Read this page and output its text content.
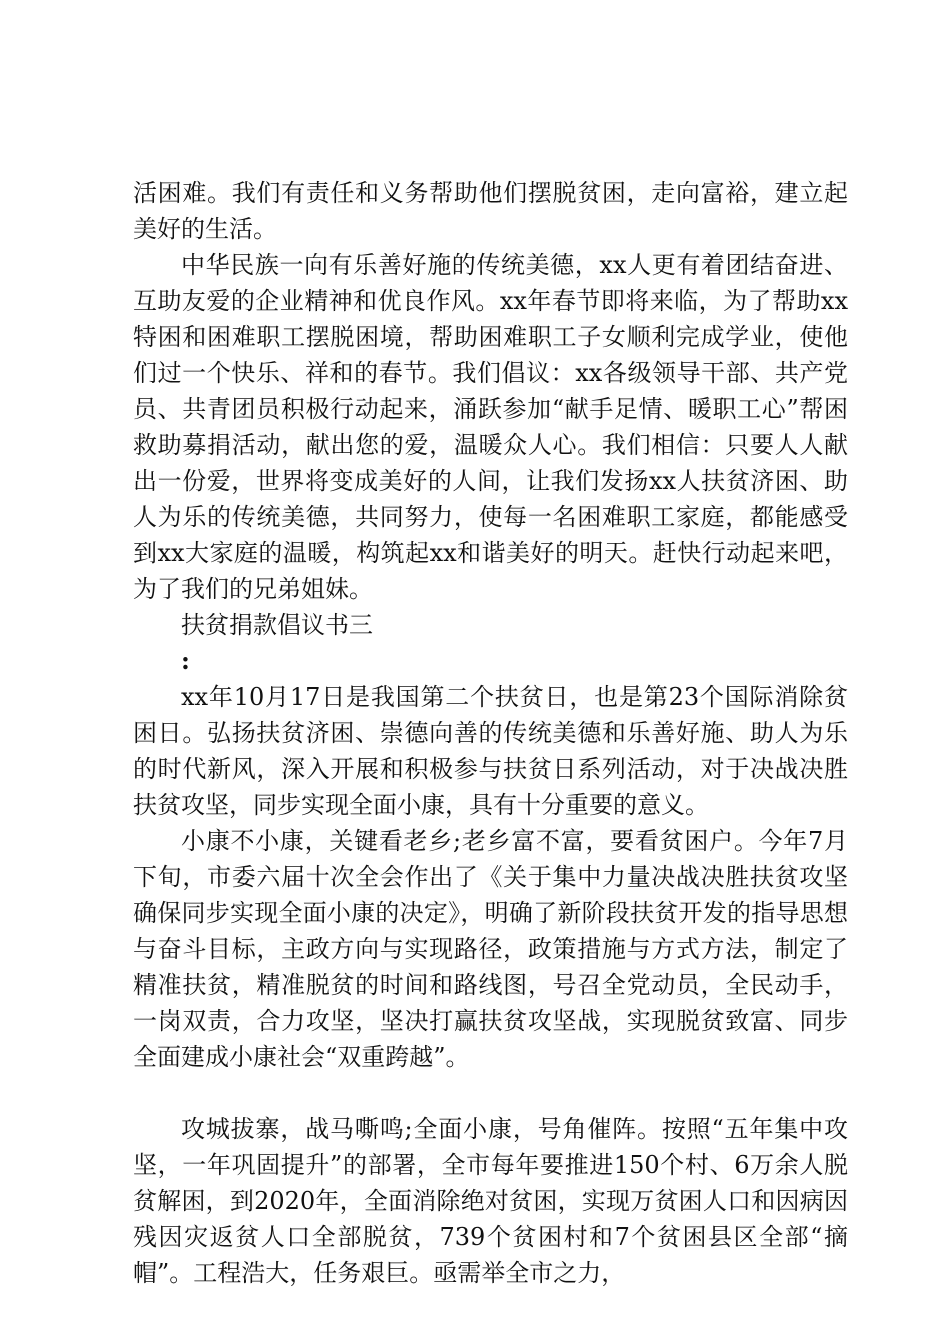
活困难。我们有责任和义务帮助他们摆脱贫困，走向富裕，建立起美好的生活。

中华民族一向有乐善好施的传统美德，xx人更有着团结奋进、互助友爱的企业精神和优良作风。xx年春节即将来临，为了帮助xx特困和困难职工摆脱困境，帮助困难职工子女顺利完成学业，使他们过一个快乐、祥和的春节。我们倡议：xx各级领导干部、共产党员、共青团员积极行动起来，涌跃参加“献手足情、暖职工心”帮困救助募捐活动，献出您的爱，温暖众人心。我们相信：只要人人献出一份爱，世界将变成美好的人间，让我们发扬xx人扶贫济困、助人为乐的传统美德，共同努力，使每一名困难职工家庭，都能感受到xx大家庭的温暖，构筑起xx和谐美好的明天。赶快行动起来吧，为了我们的兄弟姐妹。

扶贫捐款倡议书三

:

xx年10月17日是我国第二个扶贫日，也是第23个国际消除贫困日。弘扬扶贫济困、崇德向善的传统美德和乐善好施、助人为乐的时代新风，深入开展和积极参与扶贫日系列活动，对于决战决胜扶贫攻坚，同步实现全面小康，具有十分重要的意义。

小康不小康，关键看老乡;老乡富不富，要看贫困户。今年7月下旬，市委六届十次全会作出了《关于集中力量决战决胜扶贫攻坚确保同步实现全面小康的决定》，明确了新阶段扶贫开发的指导思想与奋斗目标，主政方向与实现路径，政策措施与方式方法，制定了精准扶贫，精准脱贫的时间和路线图，号召全党动员，全民动手，一岗双责，合力攻坚，坚决打赢扶贫攻坚战，实现脱贫致富、同步全面建成小康社会“双重跨越”。

攻城拔寨，战马嘶鸣;全面小康，号角催阵。按照“五年集中攻坚，一年巩固提升”的部署，全市每年要推进150个村、6万余人脱贫解困，到2020年，全面消除绝对贫困，实现万贫困人口和因病因残因灾返贫人口全部脱贫，739个贫困村和7个贫困县区全部“摘帽”。工程浩大，任务艰巨。亟需举全市之力，
